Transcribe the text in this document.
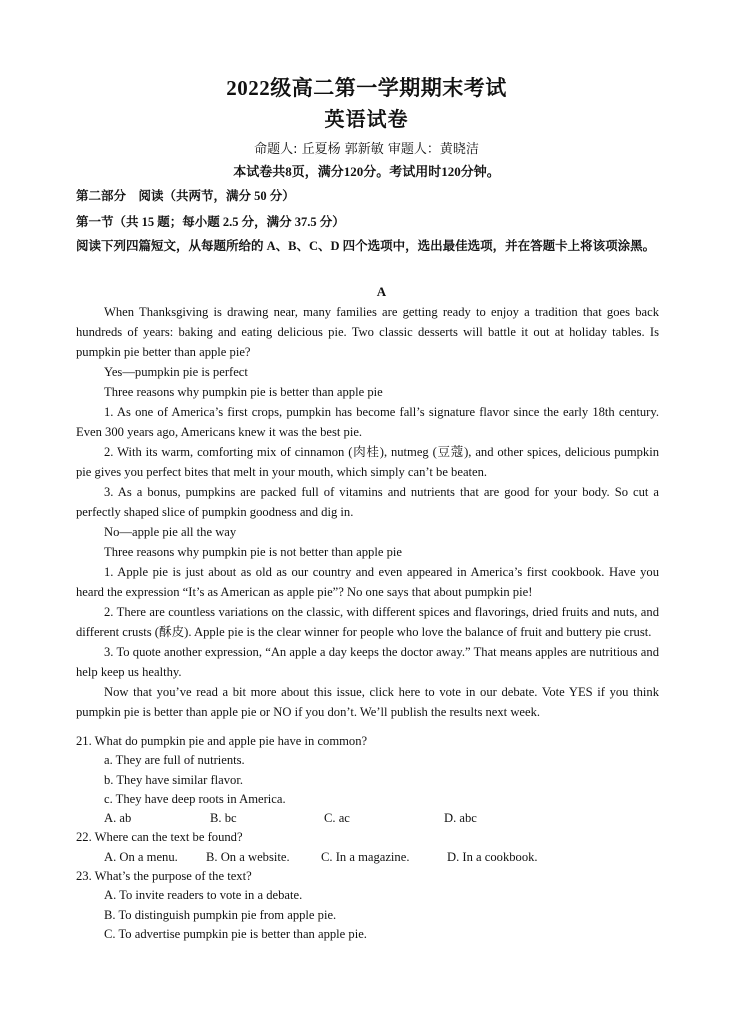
2022级高二第一学期期末考试
英语试卷
命题人: 丘夏杨 郭新敏 审题人：黄晓洁
本试卷共8页，满分120分。考试用时120分钟。
第二部分　阅读（共两节，满分 50 分）
第一节（共 15 题；每小题 2.5 分，满分 37.5 分）
阅读下列四篇短文，从每题所给的 A、B、C、D 四个选项中，选出最佳选项，并在答题卡上将该项涂黑。
A

When Thanksgiving is drawing near, many families are getting ready to enjoy a tradition that goes back hundreds of years: baking and eating delicious pie. Two classic desserts will battle it out at holiday tables. Is pumpkin pie better than apple pie?

Yes—pumpkin pie is perfect

Three reasons why pumpkin pie is better than apple pie

1. As one of America’s first crops, pumpkin has become fall’s signature flavor since the early 18th century. Even 300 years ago, Americans knew it was the best pie.

2. With its warm, comforting mix of cinnamon (肉桂), nutmeg (豆蔻), and other spices, delicious pumpkin pie gives you perfect bites that melt in your mouth, which simply can’t be beaten.

3. As a bonus, pumpkins are packed full of vitamins and nutrients that are good for your body. So cut a perfectly shaped slice of pumpkin goodness and dig in.

No—apple pie all the way

Three reasons why pumpkin pie is not better than apple pie

1. Apple pie is just about as old as our country and even appeared in America’s first cookbook. Have you heard the expression “It’s as American as apple pie”? No one says that about pumpkin pie!

2. There are countless variations on the classic, with different spices and flavorings, dried fruits and nuts, and different crusts (酥皮). Apple pie is the clear winner for people who love the balance of fruit and buttery pie crust.

3. To quote another expression, “An apple a day keeps the doctor away.” That means apples are nutritious and help keep us healthy.

Now that you’ve read a bit more about this issue, click here to vote in our debate. Vote YES if you think pumpkin pie is better than apple pie or NO if you don’t. We’ll publish the results next week.

21. What do pumpkin pie and apple pie have in common?

a. They are full of nutrients.

b. They have similar flavor.

c. They have deep roots in America.

A. ab	B. bc	C. ac	D. abc

22. Where can the text be found?

A. On a menu.	B. On a website.	C. In a magazine.	D. In a cookbook.

23. What’s the purpose of the text?

A. To invite readers to vote in a debate.

B. To distinguish pumpkin pie from apple pie.

C. To advertise pumpkin pie is better than apple pie.
